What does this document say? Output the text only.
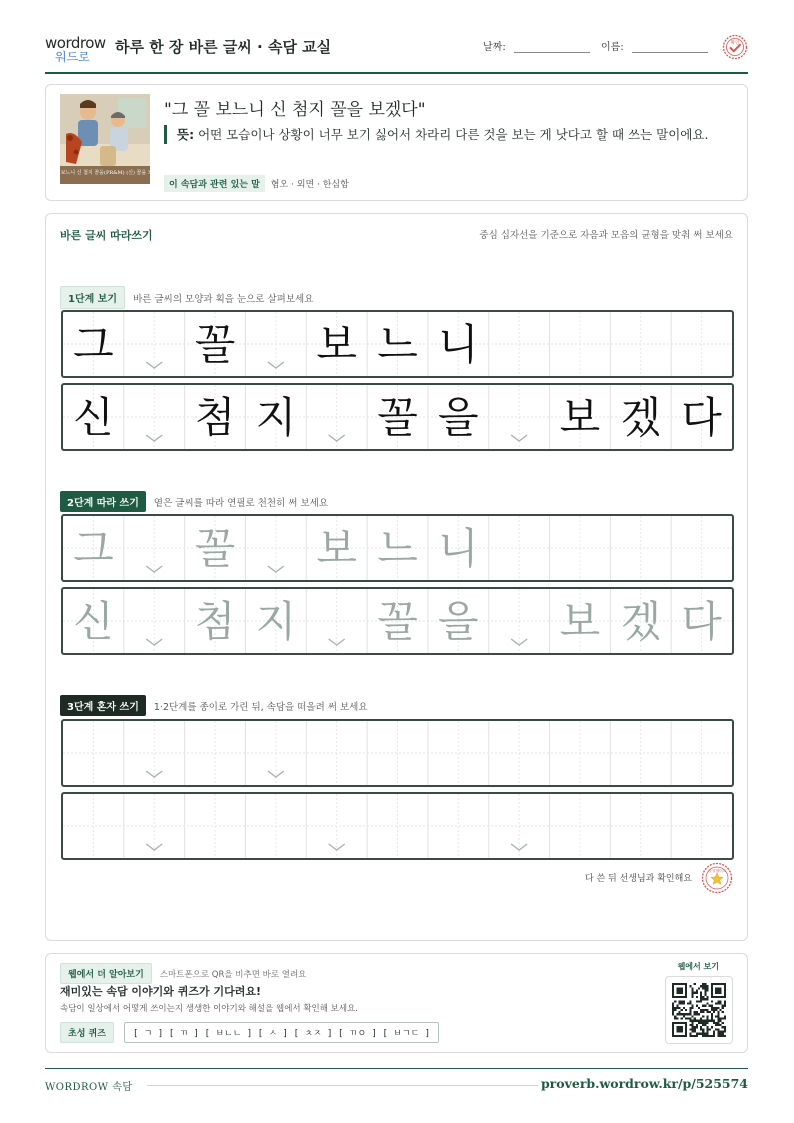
wordrow
워드로
하루 한 장 바른 글씨 · 속담 교실	날짜:	이름:	확인
그 꼴 보느니 신 첨지 꼴을(PR&M) (신) 꼴을 보겠다
"그 꼴 보느니 신 첨지 꼴을 보겠다"
뜻: 어떤 모습이나 상황이 너무 보기 싫어서 차라리 다른 것을 보는 게 낫다고 할 때 쓰는 말이에요.
이 속담과 관련 있는 말	혐오 · 외면 · 한심함
바른 글씨 따라쓰기	중심 십자선을 기준으로 자음과 모음의 균형을 맞춰 써 보세요
1단계 보기	바른 글씨의 모양과 획을 눈으로 살펴보세요
그 꼴 보 느 니
신 첨 지 꼴 을 보 겠 다
2단계 따라 쓰기	옅은 글씨를 따라 연필로 천천히 써 보세요
그 꼴 보 느 니
신 첨 지 꼴 을 보 겠 다
3단계 혼자 쓰기	1·2단계를 종이로 가린 뒤, 속담을 떠올려 써 보세요
다 쓴 뒤 선생님과 확인해요
참 잘했어요
웹에서 더 알아보기	스마트폰으로 QR을 비추면 바로 열려요
재미있는 속담 이야기와 퀴즈가 기다려요!
속담이 일상에서 어떻게 쓰이는지 생생한 이야기와 해설을 웹에서 확인해 보세요.
초성 퀴즈	[ ㄱ ] [ ㄲ ] [ ㅂㄴㄴ ] [ ㅅ ] [ ㅊㅈ ] [ ㄲㅇ ] [ ㅂㄱㄷ ]
웹에서 보기
WORDROW 속담	proverb.wordrow.kr/p/525574
